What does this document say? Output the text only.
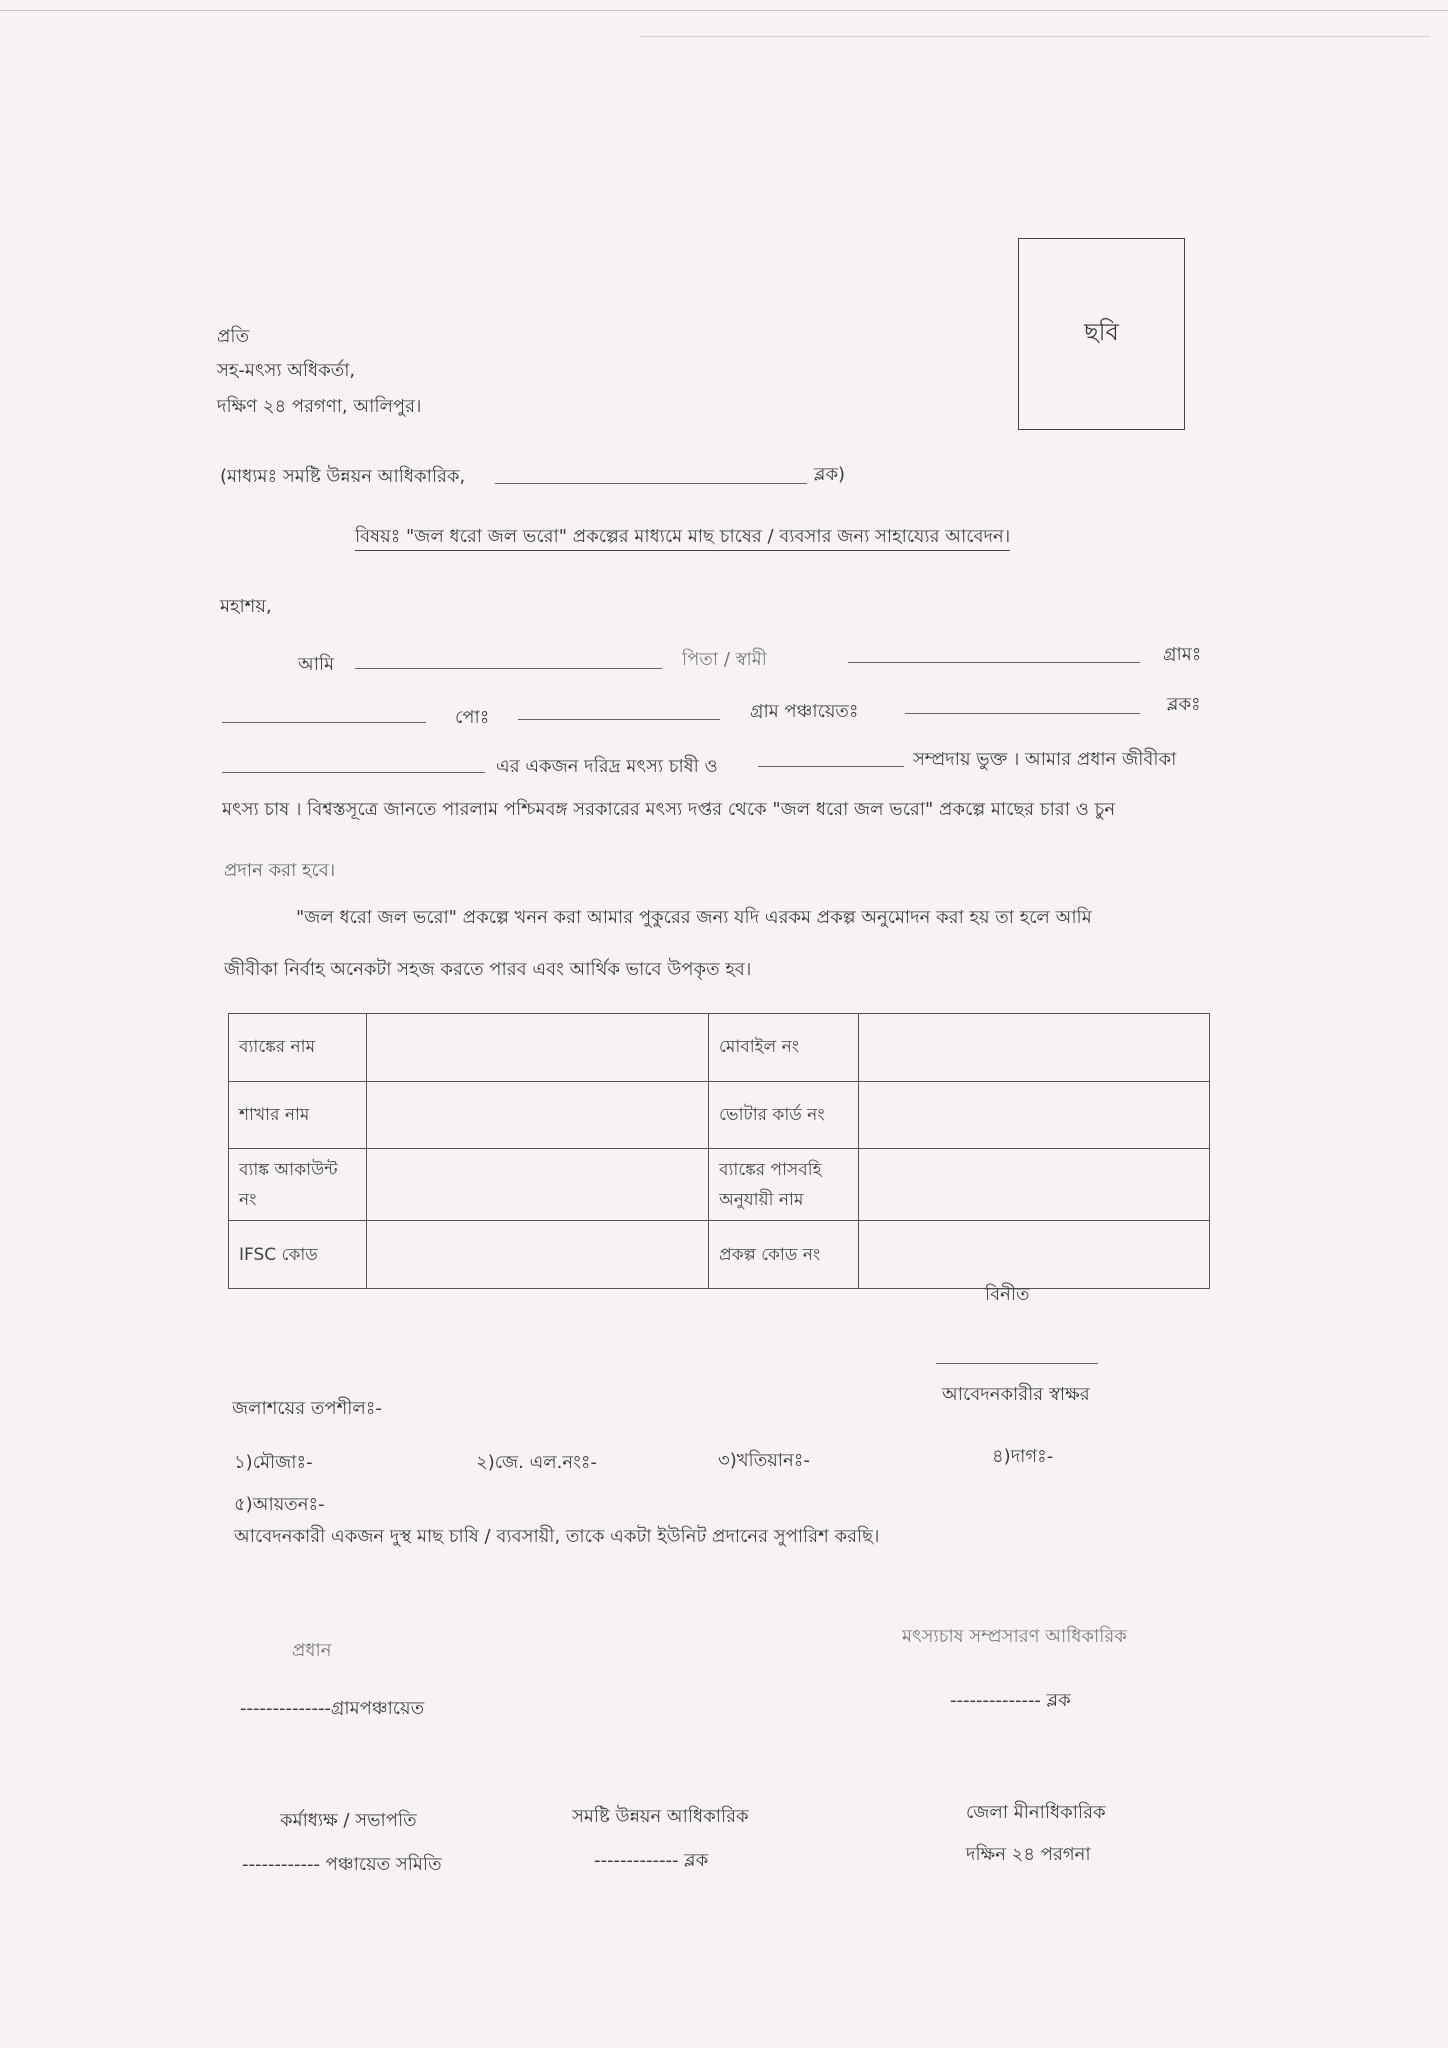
ছবি
প্রতি
সহ-মৎস্য অধিকর্তা,
দক্ষিণ ২৪ পরগণা, আলিপুর।
(মাধ্যমঃ সমষ্টি উন্নয়ন আধিকারিক,	ব্লক)
বিষয়ঃ "জল ধরো জল ভরো" প্রকল্পের মাধ্যমে মাছ চাষের / ব্যবসার জন্য সাহায্যের আবেদন।
মহাশয়,
আমি	পিতা / স্বামী	গ্রামঃ
পোঃ	গ্রাম পঞ্চায়েতঃ	ব্লকঃ
এর একজন দরিদ্র মৎস্য চাষী ও	সম্প্রদায় ভুক্ত । আমার প্রধান জীবীকা
মৎস্য চাষ । বিশ্বস্তসূত্রে জানতে পারলাম পশ্চিমবঙ্গ সরকারের মৎস্য দপ্তর থেকে "জল ধরো জল ভরো" প্রকল্পে মাছের চারা ও চুন
প্রদান করা হবে।
"জল ধরো জল ভরো" প্রকল্পে খনন করা আমার পুকুরের জন্য যদি এরকম প্রকল্প অনুমোদন করা হয় তা হলে আমি
জীবীকা নির্বাহ অনেকটা সহজ করতে পারব এবং আর্থিক ভাবে উপকৃত হব।
ব্যাঙ্কের নাম		মোবাইল নং	
শাখার নাম		ভোটার কার্ড নং	
ব্যাঙ্ক আকাউন্ট নং		ব্যাঙ্কের পাসবহি অনুযায়ী নাম	
IFSC কোড		প্রকল্প কোড নং	
বিনীত
আবেদনকারীর স্বাক্ষর
জলাশয়ের তপশীলঃ-
১)মৌজাঃ-	২)জে. এল.নংঃ-	৩)খতিয়ানঃ-	৪)দাগঃ-
৫)আয়তনঃ-
আবেদনকারী একজন দুস্থ মাছ চাষি / ব্যবসায়ী, তাকে একটা ইউনিট প্রদানের সুপারিশ করছি।
প্রধান
--------------গ্রামপঞ্চায়েত
মৎস্যচাষ সম্প্রসারণ আধিকারিক
-------------- ব্লক
কর্মাধ্যক্ষ / সভাপতি
------------ পঞ্চায়েত সমিতি
সমষ্টি উন্নয়ন আধিকারিক
------------- ব্লক
জেলা মীনাধিকারিক
দক্ষিন ২৪ পরগনা
